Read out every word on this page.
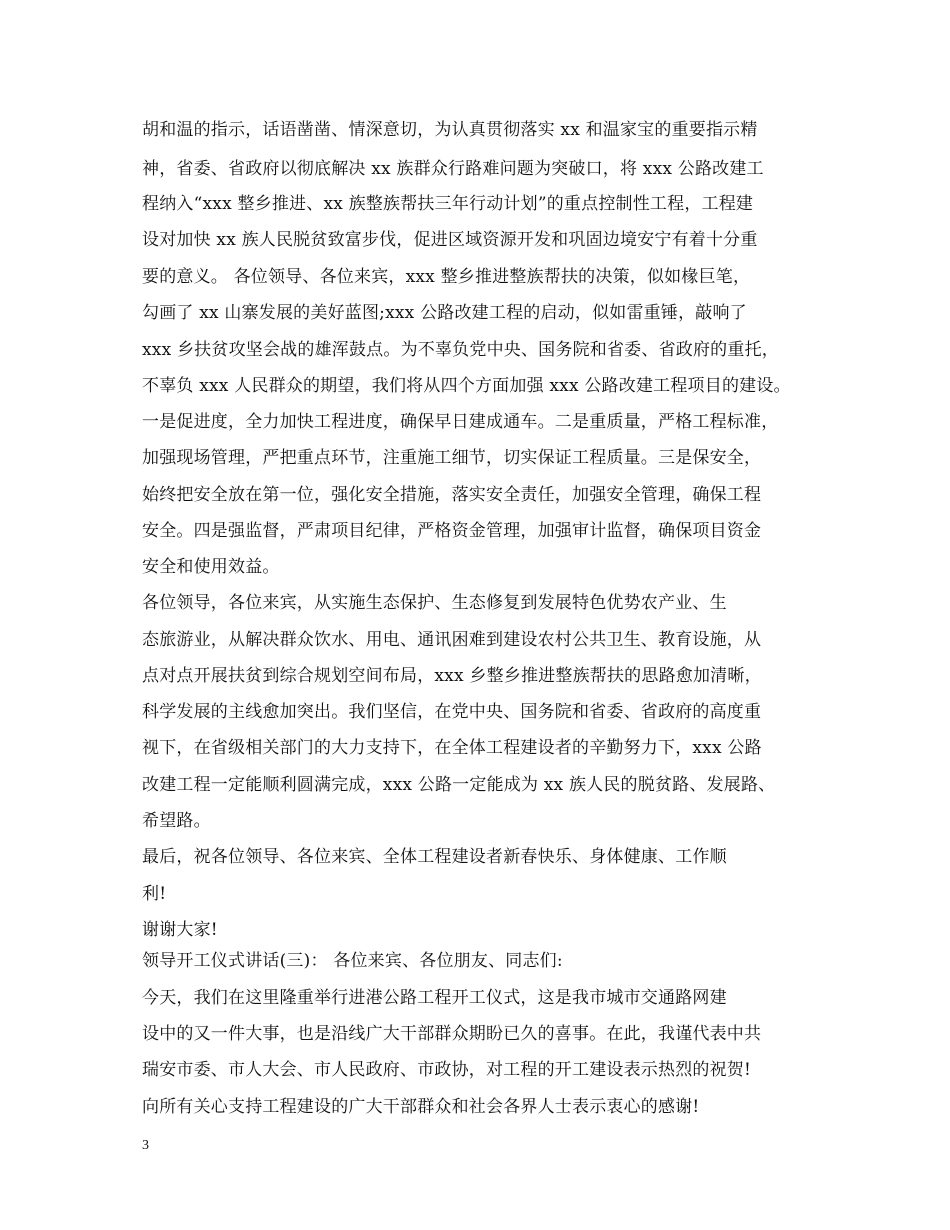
胡和温的指示，话语凿凿、情深意切，为认真贯彻落实 xx 和温家宝的重要指示精
神，省委、省政府以彻底解决 xx 族群众行路难问题为突破口，将 xxx 公路改建工
程纳入“xxx 整乡推进、xx 族整族帮扶三年行动计划”的重点控制性工程，工程建
设对加快 xx 族人民脱贫致富步伐，促进区域资源开发和巩固边境安宁有着十分重
要的意义。 各位领导、各位来宾，xxx 整乡推进整族帮扶的决策，似如椽巨笔，
勾画了 xx 山寨发展的美好蓝图;xxx 公路改建工程的启动，似如雷重锤，敲响了
xxx 乡扶贫攻坚会战的雄浑鼓点。为不辜负党中央、国务院和省委、省政府的重托，
不辜负 xxx 人民群众的期望，我们将从四个方面加强 xxx 公路改建工程项目的建设。
一是促进度，全力加快工程进度，确保早日建成通车。二是重质量，严格工程标准，
加强现场管理，严把重点环节，注重施工细节，切实保证工程质量。三是保安全，
始终把安全放在第一位，强化安全措施，落实安全责任，加强安全管理，确保工程
安全。四是强监督，严肃项目纪律，严格资金管理，加强审计监督，确保项目资金
安全和使用效益。
各位领导，各位来宾，从实施生态保护、生态修复到发展特色优势农产业、生
态旅游业，从解决群众饮水、用电、通讯困难到建设农村公共卫生、教育设施，从
点对点开展扶贫到综合规划空间布局，xxx 乡整乡推进整族帮扶的思路愈加清晰，
科学发展的主线愈加突出。我们坚信，在党中央、国务院和省委、省政府的高度重
视下，在省级相关部门的大力支持下，在全体工程建设者的辛勤努力下，xxx 公路
改建工程一定能顺利圆满完成，xxx 公路一定能成为 xx 族人民的脱贫路、发展路、
希望路。
最后，祝各位领导、各位来宾、全体工程建设者新春快乐、身体健康、工作顺
利!
谢谢大家!
领导开工仪式讲话(三)： 各位来宾、各位朋友、同志们:
今天，我们在这里隆重举行进港公路工程开工仪式，这是我市城市交通路网建
设中的又一件大事，也是沿线广大干部群众期盼已久的喜事。在此，我谨代表中共
瑞安市委、市人大会、市人民政府、市政协，对工程的开工建设表示热烈的祝贺!
向所有关心支持工程建设的广大干部群众和社会各界人士表示衷心的感谢!
3
